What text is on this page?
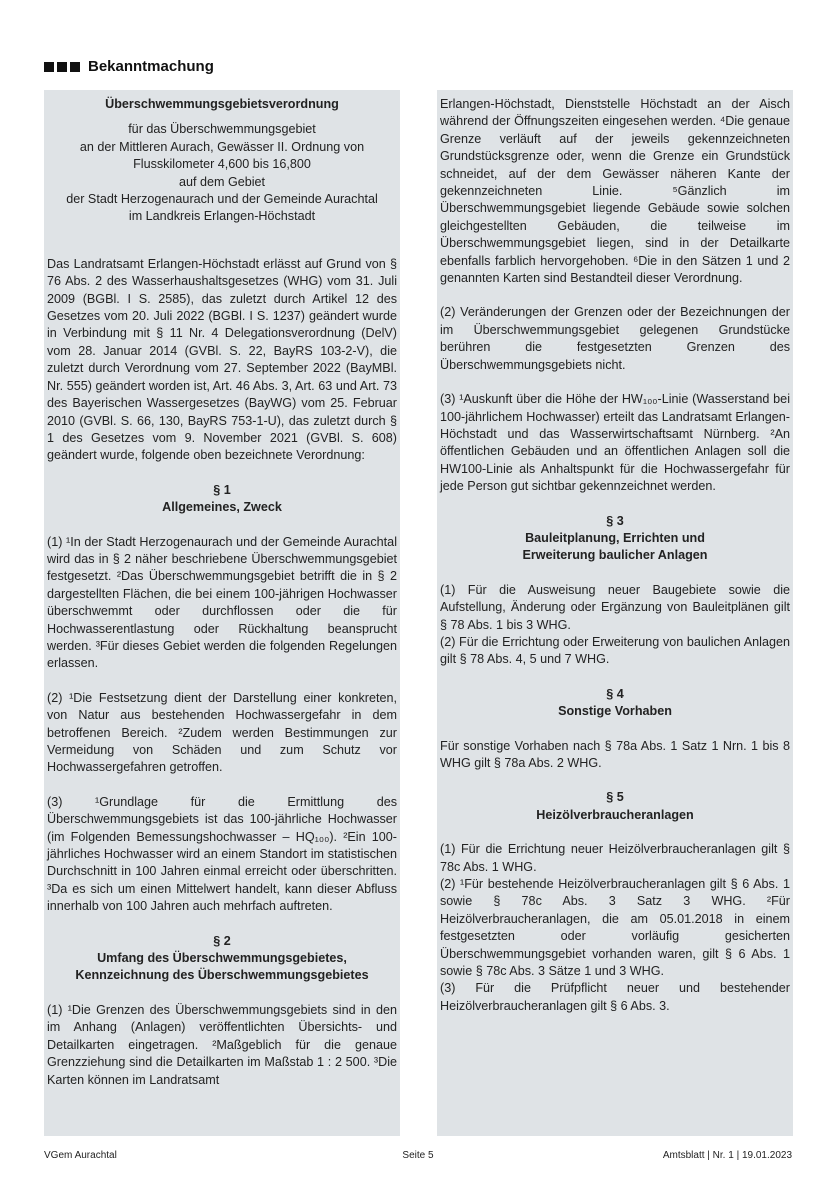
Bekanntmachung

Überschwemmungsgebietsverordnung

für das Überschwemmungsgebiet

an der Mittleren Aurach, Gewässer II. Ordnung von

Flusskilometer 4,600 bis 16,800

auf dem Gebiet

der Stadt Herzogenaurach und der Gemeinde Aurachtal

im Landkreis Erlangen-Höchstadt

Das Landratsamt Erlangen-Höchstadt erlässt auf Grund von § 76 Abs. 2 des Wasserhaushaltsgesetzes (WHG) vom 31. Juli 2009 (BGBl. I S. 2585), das zuletzt durch Artikel 12 des Gesetzes vom 20. Juli 2022 (BGBl. I S. 1237) geändert wurde in Verbindung mit § 11 Nr. 4 Delegationsverordnung (DelV) vom 28. Januar 2014 (GVBl. S. 22, BayRS 103-2-V), die zuletzt durch Verordnung vom 27. September 2022 (BayMBl. Nr. 555) geändert worden ist, Art. 46 Abs. 3, Art. 63 und Art. 73 des Bayerischen Wassergesetzes (BayWG) vom 25. Februar 2010 (GVBl. S. 66, 130, BayRS 753-1-U), das zuletzt durch § 1 des Gesetzes vom 9. November 2021 (GVBl. S. 608) geändert wurde, folgende oben bezeichnete Verordnung:

§ 1

Allgemeines, Zweck

(1) ¹In der Stadt Herzogenaurach und der Gemeinde Aurachtal wird das in § 2 näher beschriebene Überschwemmungsgebiet festgesetzt. ²Das Überschwemmungsgebiet betrifft die in § 2 dargestellten Flächen, die bei einem 100-jährigen Hochwasser überschwemmt oder durchflossen oder die für Hochwasserentlastung oder Rückhaltung beansprucht werden. ³Für dieses Gebiet werden die folgenden Regelungen erlassen.

(2) ¹Die Festsetzung dient der Darstellung einer konkreten, von Natur aus bestehenden Hochwassergefahr in dem betroffenen Bereich. ²Zudem werden Bestimmungen zur Vermeidung von Schäden und zum Schutz vor Hochwassergefahren getroffen.

(3) ¹Grundlage für die Ermittlung des Überschwemmungsgebiets ist das 100-jährliche Hochwasser (im Folgenden Bemessungshochwasser – HQ₁₀₀). ²Ein 100-jährliches Hochwasser wird an einem Standort im statistischen Durchschnitt in 100 Jahren einmal erreicht oder überschritten. ³Da es sich um einen Mittelwert handelt, kann dieser Abfluss innerhalb von 100 Jahren auch mehrfach auftreten.

§ 2

Umfang des Überschwemmungsgebietes,

Kennzeichnung des Überschwemmungsgebietes

(1) ¹Die Grenzen des Überschwemmungsgebiets sind in den im Anhang (Anlagen) veröffentlichten Übersichts- und Detailkarten eingetragen. ²Maßgeblich für die genaue Grenzziehung sind die Detailkarten im Maßstab 1 : 2 500. ³Die Karten können im Landratsamt

Erlangen-Höchstadt, Dienststelle Höchstadt an der Aisch während der Öffnungszeiten eingesehen werden. ⁴Die genaue Grenze verläuft auf der jeweils gekennzeichneten Grundstücksgrenze oder, wenn die Grenze ein Grundstück schneidet, auf der dem Gewässer näheren Kante der gekennzeichneten Linie. ⁵Gänzlich im Überschwemmungsgebiet liegende Gebäude sowie solchen gleichgestellten Gebäuden, die teilweise im Überschwemmungsgebiet liegen, sind in der Detailkarte ebenfalls farblich hervorgehoben. ⁶Die in den Sätzen 1 und 2 genannten Karten sind Bestandteil dieser Verordnung.

(2) Veränderungen der Grenzen oder der Bezeichnungen der im Überschwemmungsgebiet gelegenen Grundstücke berühren die festgesetzten Grenzen des Überschwemmungsgebiets nicht.

(3) ¹Auskunft über die Höhe der HW₁₀₀-Linie (Wasserstand bei 100-jährlichem Hochwasser) erteilt das Landratsamt Erlangen-Höchstadt und das Wasserwirtschaftsamt Nürnberg. ²An öffentlichen Gebäuden und an öffentlichen Anlagen soll die HW100-Linie als Anhaltspunkt für die Hochwassergefahr für jede Person gut sichtbar gekennzeichnet werden.

§ 3

Bauleitplanung, Errichten und

Erweiterung baulicher Anlagen

(1) Für die Ausweisung neuer Baugebiete sowie die Aufstellung, Änderung oder Ergänzung von Bauleitplänen gilt § 78 Abs. 1 bis 3 WHG.

(2) Für die Errichtung oder Erweiterung von baulichen Anlagen gilt § 78 Abs. 4, 5 und 7 WHG.

§ 4

Sonstige Vorhaben

Für sonstige Vorhaben nach § 78a Abs. 1 Satz 1 Nrn. 1 bis 8 WHG gilt § 78a Abs. 2 WHG.

§ 5

Heizölverbraucheranlagen

(1) Für die Errichtung neuer Heizölverbraucheranlagen gilt § 78c Abs. 1 WHG.

(2) ¹Für bestehende Heizölverbraucheranlagen gilt § 6 Abs. 1 sowie § 78c Abs. 3 Satz 3 WHG. ²Für Heizölverbraucheranlagen, die am 05.01.2018 in einem festgesetzten oder vorläufig gesicherten Überschwemmungsgebiet vorhanden waren, gilt § 6 Abs. 1 sowie § 78c Abs. 3 Sätze 1 und 3 WHG.

(3) Für die Prüfpflicht neuer und bestehender Heizölverbraucheranlagen gilt § 6 Abs. 3.

VGem Aurachtal	Seite 5	Amtsblatt | Nr. 1 | 19.01.2023
